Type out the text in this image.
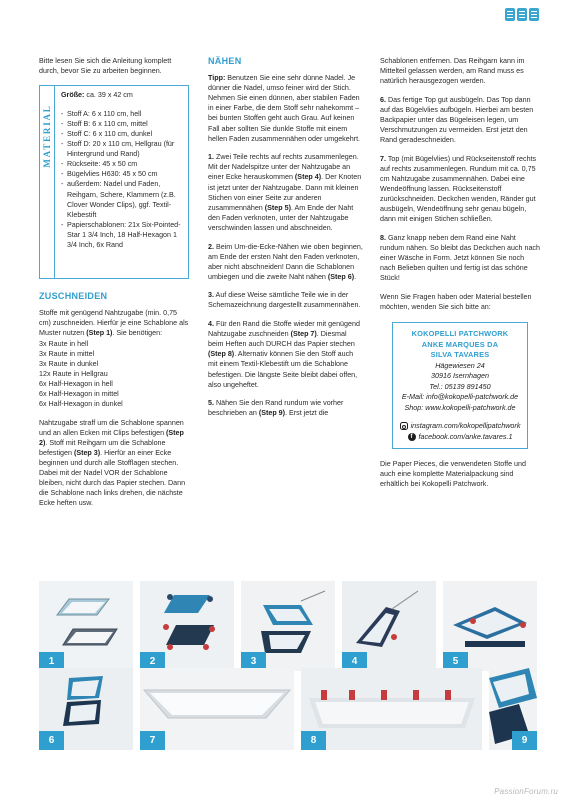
Bitte lesen Sie sich die Anleitung komplett durch, bevor Sie zu arbeiten beginnen.

MATERIAL
Größe: ca. 39 x 42 cm
- Stoff A: 6 x 110 cm, hell
- Stoff B: 6 x 110 cm, mittel
- Stoff C: 6 x 110 cm, dunkel
- Stoff D: 20 x 110 cm, Hellgrau (für Hintergrund und Rand)
- Rückseite: 45 x 50 cm
- Bügelvlies H630: 45 x 50 cm
- außerdem: Nadel und Faden, Reihgarn, Schere, Klammern (z.B. Clover Wonder Clips), ggf. Textil-Klebestift
- Papierschablonen: 21x Six-Pointed-Star 1 3/4 Inch, 18 Half-Hexagon 1 3/4 Inch, 6x Rand
ZUSCHNEIDEN

Stoffe mit genügend Nahtzugabe (min. 0,75 cm) zuschneiden. Hierfür je eine Schablone als Muster nutzen (Step 1). Sie benötigen:

3x Raute in hell
3x Raute in mittel
3x Raute in dunkel
12x Raute in Hellgrau
6x Half-Hexagon in hell
6x Half-Hexagon in mittel
6x Half-Hexagon in dunkel

Nahtzugabe straff um die Schablone spannen und an allen Ecken mit Clips befestigen (Step 2). Stoff mit Reihgarn um die Schablone befestigen (Step 3). Hierfür an einer Ecke beginnen und durch alle Stofflagen stechen. Dabei mit der Nadel VOR der Schablone bleiben, nicht durch das Papier stechen. Dann die Schablone nach links drehen, die nächste Ecke heften usw.

NÄHEN

Tipp: Benutzen Sie eine sehr dünne Nadel. Je dünner die Nadel, umso feiner wird der Stich.

Nehmen Sie einen dünnen, aber stabilen Faden in einer Farbe, die dem Stoff sehr nahekommt – bei bunten Stoffen geht auch Grau. Auf keinen Fall aber sollten Sie dunkle Stoffe mit einem hellen Faden zusammennähen oder umgekehrt.

1. Zwei Teile rechts auf rechts zusammenlegen. Mit der Nadelspitze unter der Nahtzugabe an einer Ecke herauskommen (Step 4). Der Knoten ist jetzt unter der Nahtzugabe. Dann mit kleinen Stichen von einer Seite zur anderen zusammennähen (Step 5). Am Ende der Naht den Faden verknoten, unter der Nahtzugabe verschwinden lassen und abschneiden.

2. Beim Um-die-Ecke-Nähen wie oben beginnen, am Ende der ersten Naht den Faden verknoten, aber nicht abschneiden! Dann die Schablonen umbiegen und die zweite Naht nähen (Step 6).

3. Auf diese Weise sämtliche Teile wie in der Schemazeichnung dargestellt zusammennähen.

4. Für den Rand die Stoffe wieder mit genügend Nahtzugabe zuschneiden (Step 7). Diesmal beim Heften auch DURCH das Papier stechen (Step 8). Alternativ können Sie den Stoff auch mit einem Textil-Klebestift um die Schablone befestigen. Die längste Seite bleibt dabei offen, also ungeheftet.

5. Nähen Sie den Rand rundum wie vorher beschrieben an (Step 9). Erst jetzt die

Schablonen entfernen. Das Reihgarn kann im Mittelteil gelassen werden, am Rand muss es natürlich herausgezogen werden.

6. Das fertige Top gut ausbügeln. Das Top dann auf das Bügelvlies aufbügeln. Hierbei am besten Backpapier unter das Bügeleisen legen, um Verschmutzungen zu vermeiden. Erst jetzt den Rand geradeschneiden.

7. Top (mit Bügelvlies) und Rückseitenstoff rechts auf rechts zusammenlegen. Rundum mit ca. 0,75 cm Nahtzugabe zusammennähen. Dabei eine Wendeöffnung lassen. Rückseitenstoff zurückschneiden. Deckchen wenden, Ränder gut ausbügeln, Wendeöffnung sehr genau bügeln, dann mit einigen Stichen schließen.

8. Ganz knapp neben dem Rand eine Naht rundum nähen. So bleibt das Deckchen auch nach einer Wäsche in Form. Jetzt können Sie noch nach Belieben quilten und fertig ist das schöne Stück!

Wenn Sie Fragen haben oder Material bestellen möchten, wenden Sie sich bitte an:

KOKOPELLI PATCHWORK
ANKE MARQUES DA
SILVA TAVARES
Hägewiesen 24
30916 Isernhagen
Tel.: 05139 891450
E-Mail: info@kokopelli-patchwork.de
Shop: www.kokopelli-patchwork.de
instagram.com/kokopellipatchwork
f facebook.com/anke.tavares.1

Die Paper Pieces, die verwendeten Stoffe und auch eine komplette Materialpackung sind erhältlich bei Kokopelli Patchwork.

1	2	3	4	5
6	7	8	9
PassionForum.ru
